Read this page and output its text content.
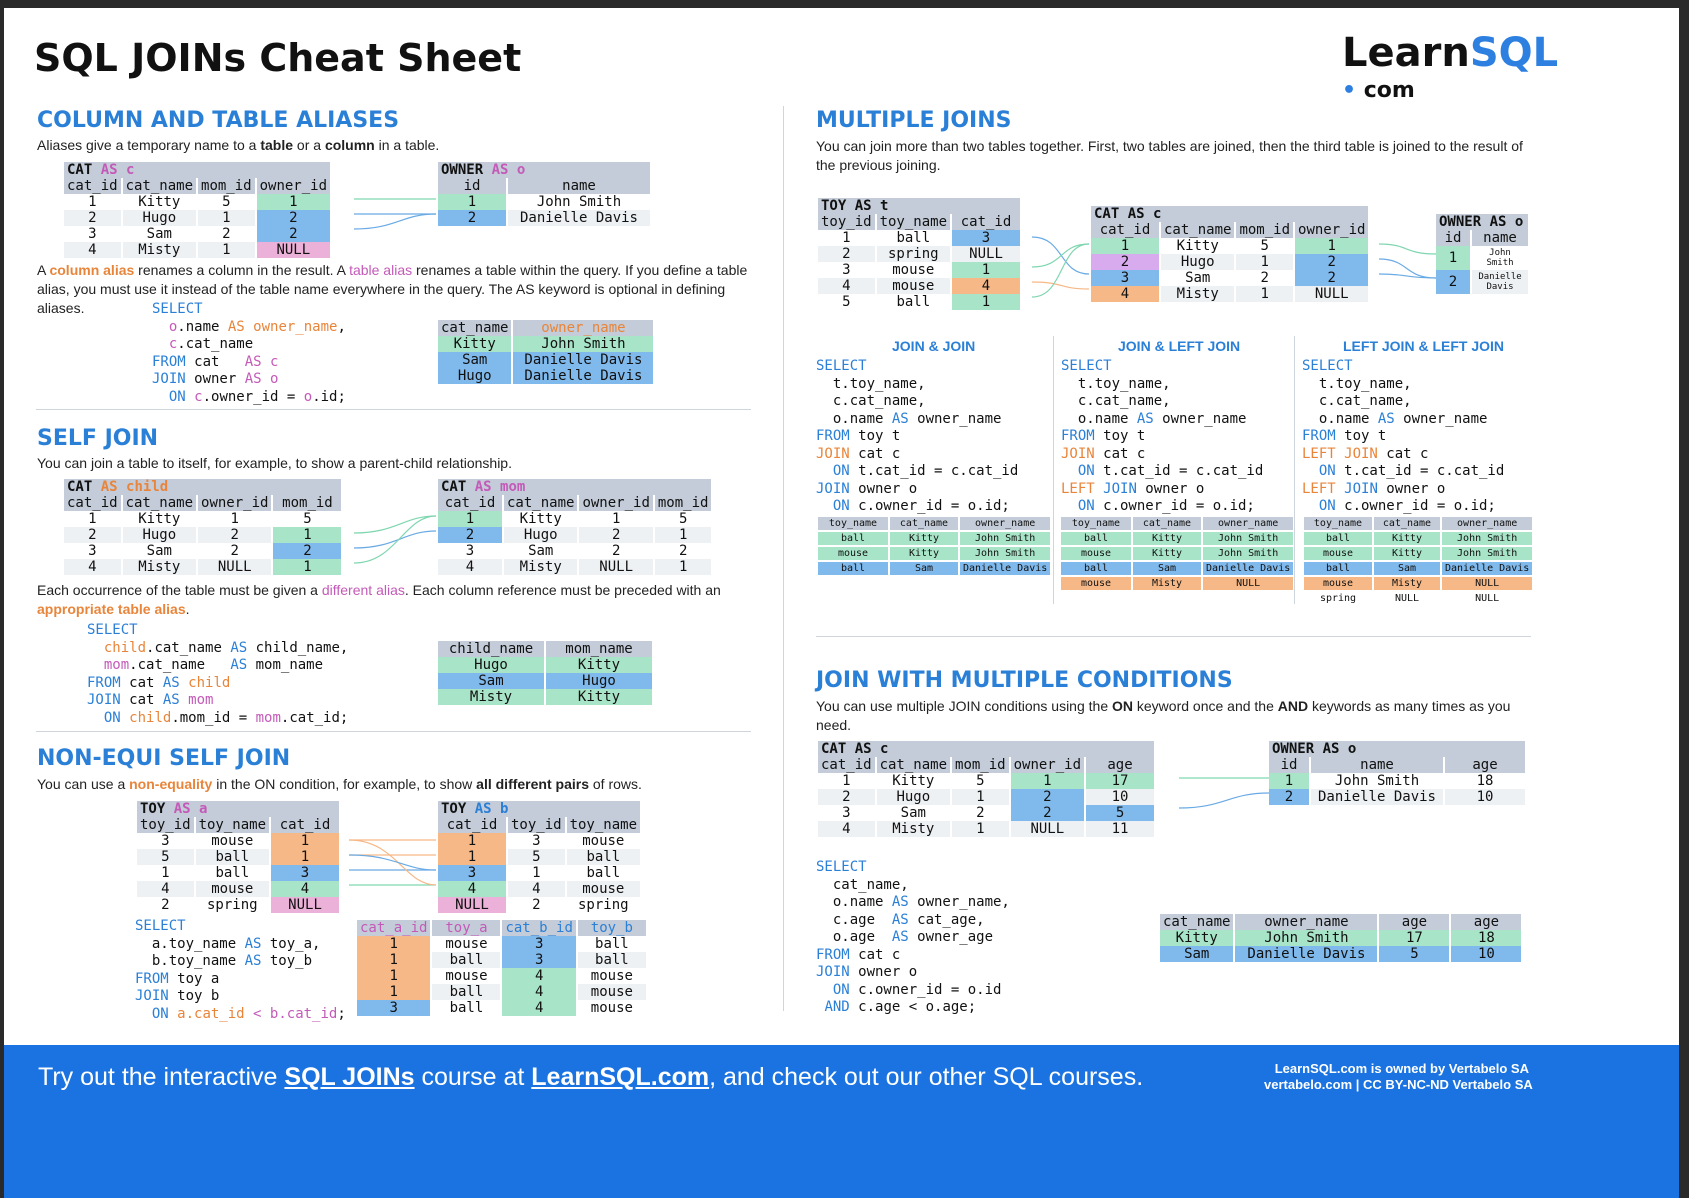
SQL JOINs Cheat Sheet	LearnSQL
• com
COLUMN AND TABLE ALIASES
Aliases give a temporary name to a table or a column in a table.
CAT AS c			
cat_id	cat_name	mom_id	owner_id
1	Kitty	5	1
2	Hugo	1	2
3	Sam	2	2
4	Misty	1	NULL
OWNER AS o	
id	name
1	John Smith
2	Danielle Davis
A column alias renames a column in the result. A table alias renames a table within the query. If you define a table alias, you must use it instead of the table name everywhere in the query. The AS keyword is optional in defining aliases.	SELECT
o.name AS owner_name,
c.cat_name
FROM cat   AS c
JOIN owner AS o
ON c.owner_id = o.id;
cat_name	owner_name
Kitty	John Smith
Sam	Danielle Davis
Hugo	Danielle Davis
SELF JOIN
You can join a table to itself, for example, to show a parent-child relationship.
CAT AS child			
cat_id	cat_name	owner_id	mom_id
1	Kitty	1	5
2	Hugo	2	1
3	Sam	2	2
4	Misty	NULL	1
CAT AS mom			
cat_id	cat_name	owner_id	mom_id
1	Kitty	1	5
2	Hugo	2	1
3	Sam	2	2
4	Misty	NULL	1
Each occurrence of the table must be given a different alias. Each column reference must be preceded with an appropriate table alias.
SELECT
child.cat_name AS child_name,
mom.cat_name   AS mom_name
FROM cat AS child
JOIN cat AS mom
ON child.mom_id = mom.cat_id;
child_name	mom_name
Hugo	Kitty
Sam	Hugo
Misty	Kitty
NON-EQUI SELF JOIN
You can use a non-equality in the ON condition, for example, to show all different pairs of rows.
TOY AS a		
toy_id	toy_name	cat_id
3	mouse	1
5	ball	1
1	ball	3
4	mouse	4
2	spring	NULL
TOY AS b		
cat_id	toy_id	toy_name
1	3	mouse
1	5	ball
3	1	ball
4	4	mouse
NULL	2	spring
SELECT
a.toy_name AS toy_a,
b.toy_name AS toy_b
FROM toy a
JOIN toy b
ON a.cat_id < b.cat_id;
cat_a_id	toy_a	cat_b_id	toy_b
1	mouse	3	ball
1	ball	3	ball
1	mouse	4	mouse
1	ball	4	mouse
3	ball	4	mouse
MULTIPLE JOINS
You can join more than two tables together. First, two tables are joined, then the third table is joined to the result of the previous joining.
TOY AS t		
toy_id	toy_name	cat_id
1	ball	3
2	spring	NULL
3	mouse	1
4	mouse	4
5	ball	1
CAT AS c			
cat_id	cat_name	mom_id	owner_id
1	Kitty	5	1
2	Hugo	1	2
3	Sam	2	2
4	Misty	1	NULL
OWNER AS o	
id	name
1	John Smith
2	Danielle Davis
JOIN & JOIN
SELECT
t.toy_name,
c.cat_name,
o.name AS owner_name
FROM toy t
JOIN cat c
ON t.cat_id = c.cat_id
JOIN owner o
ON c.owner_id = o.id;
toy_name	cat_name	owner_name
ball	Kitty	John Smith
mouse	Kitty	John Smith
ball	Sam	Danielle Davis
JOIN & LEFT JOIN
SELECT
t.toy_name,
c.cat_name,
o.name AS owner_name
FROM toy t
JOIN cat c
ON t.cat_id = c.cat_id
LEFT JOIN owner o
ON c.owner_id = o.id;
toy_name	cat_name	owner_name
ball	Kitty	John Smith
mouse	Kitty	John Smith
ball	Sam	Danielle Davis
mouse	Misty	NULL
LEFT JOIN & LEFT JOIN
SELECT
t.toy_name,
c.cat_name,
o.name AS owner_name
FROM toy t
LEFT JOIN cat c
ON t.cat_id = c.cat_id
LEFT JOIN owner o
ON c.owner_id = o.id;
toy_name	cat_name	owner_name
ball	Kitty	John Smith
mouse	Kitty	John Smith
ball	Sam	Danielle Davis
mouse	Misty	NULL
spring	NULL	NULL
JOIN WITH MULTIPLE CONDITIONS
You can use multiple JOIN conditions using the ON keyword once and the AND keywords as many times as you need.
CAT AS c				
cat_id	cat_name	mom_id	owner_id	age
1	Kitty	5	1	17
2	Hugo	1	2	10
3	Sam	2	2	5
4	Misty	1	NULL	11
OWNER AS o		
id	name	age
1	John Smith	18
2	Danielle Davis	10
SELECT
cat_name,
o.name AS owner_name,
c.age  AS cat_age,
o.age  AS owner_age
FROM cat c
JOIN owner o
ON c.owner_id = o.id
AND c.age < o.age;
cat_name	owner_name	age	age
Kitty	John Smith	17	18
Sam	Danielle Davis	5	10
Try out the interactive SQL JOINs course at LearnSQL.com, and check out our other SQL courses.	LearnSQL.com is owned by Vertabelo SA
vertabelo.com | CC BY-NC-ND Vertabelo SA
